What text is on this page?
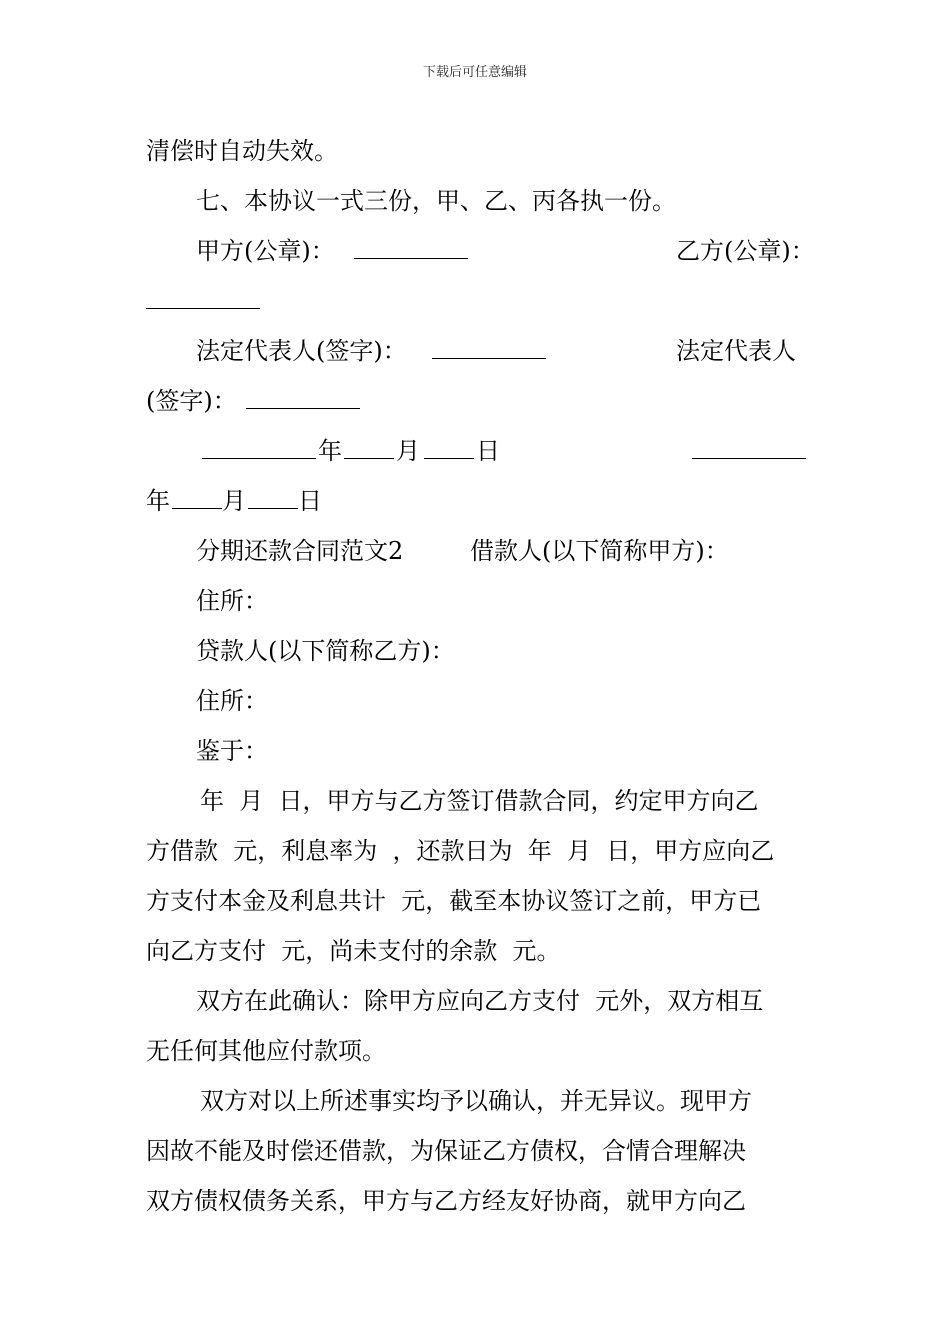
下载后可任意编辑
清偿时自动失效。
七、本协议一式三份，甲、乙、丙各执一份。
甲方(公章)：	乙方(公章)：
法定代表人(签字)：	法定代表人
(签字)：
年 月 日
年 月 日
分期还款合同范文2	借款人(以下简称甲方)：
住所：
贷款人(以下简称乙方)：
住所：
鉴于：
年  月  日，甲方与乙方签订借款合同，约定甲方向乙
方借款  元，利息率为  ，还款日为  年  月  日，甲方应向乙
方支付本金及利息共计  元，截至本协议签订之前，甲方已
向乙方支付  元，尚未支付的余款  元。
双方在此确认：除甲方应向乙方支付  元外，双方相互
无任何其他应付款项。
双方对以上所述事实均予以确认，并无异议。现甲方
因故不能及时偿还借款，为保证乙方债权，合情合理解决
双方债权债务关系，甲方与乙方经友好协商，就甲方向乙
